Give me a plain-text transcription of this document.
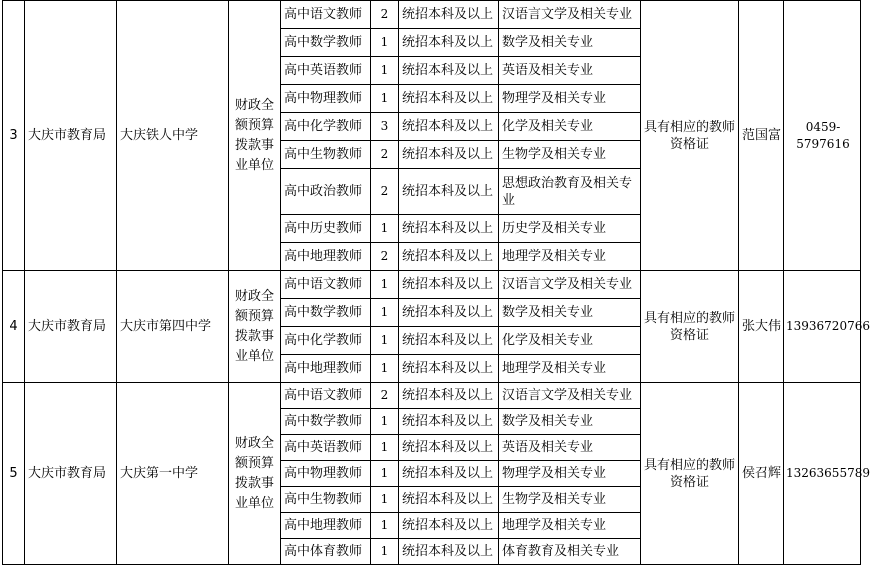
3	大庆市教育局	大庆铁人中学	财政全额预算拨款事业单位	高中语文教师	2	统招本科及以上	汉语言文学及相关专业	具有相应的教师资格证	范国富	0459-5797616
				高中数学教师	1	统招本科及以上	数学及相关专业			
				高中英语教师	1	统招本科及以上	英语及相关专业			
				高中物理教师	1	统招本科及以上	物理学及相关专业			
				高中化学教师	3	统招本科及以上	化学及相关专业			
				高中生物教师	2	统招本科及以上	生物学及相关专业			
				高中政治教师	2	统招本科及以上	思想政治教育及相关专业			
				高中历史教师	1	统招本科及以上	历史学及相关专业			
				高中地理教师	2	统招本科及以上	地理学及相关专业			
4	大庆市教育局	大庆市第四中学	财政全额预算拨款事业单位	高中语文教师	1	统招本科及以上	汉语言文学及相关专业	具有相应的教师资格证	张大伟	13936720766
				高中数学教师	1	统招本科及以上	数学及相关专业			
				高中化学教师	1	统招本科及以上	化学及相关专业			
				高中地理教师	1	统招本科及以上	地理学及相关专业			
5	大庆市教育局	大庆第一中学	财政全额预算拨款事业单位	高中语文教师	2	统招本科及以上	汉语言文学及相关专业	具有相应的教师资格证	侯召辉	13263655789
				高中数学教师	1	统招本科及以上	数学及相关专业			
				高中英语教师	1	统招本科及以上	英语及相关专业			
				高中物理教师	1	统招本科及以上	物理学及相关专业			
				高中生物教师	1	统招本科及以上	生物学及相关专业			
				高中地理教师	1	统招本科及以上	地理学及相关专业			
				高中体育教师	1	统招本科及以上	体育教育及相关专业			
